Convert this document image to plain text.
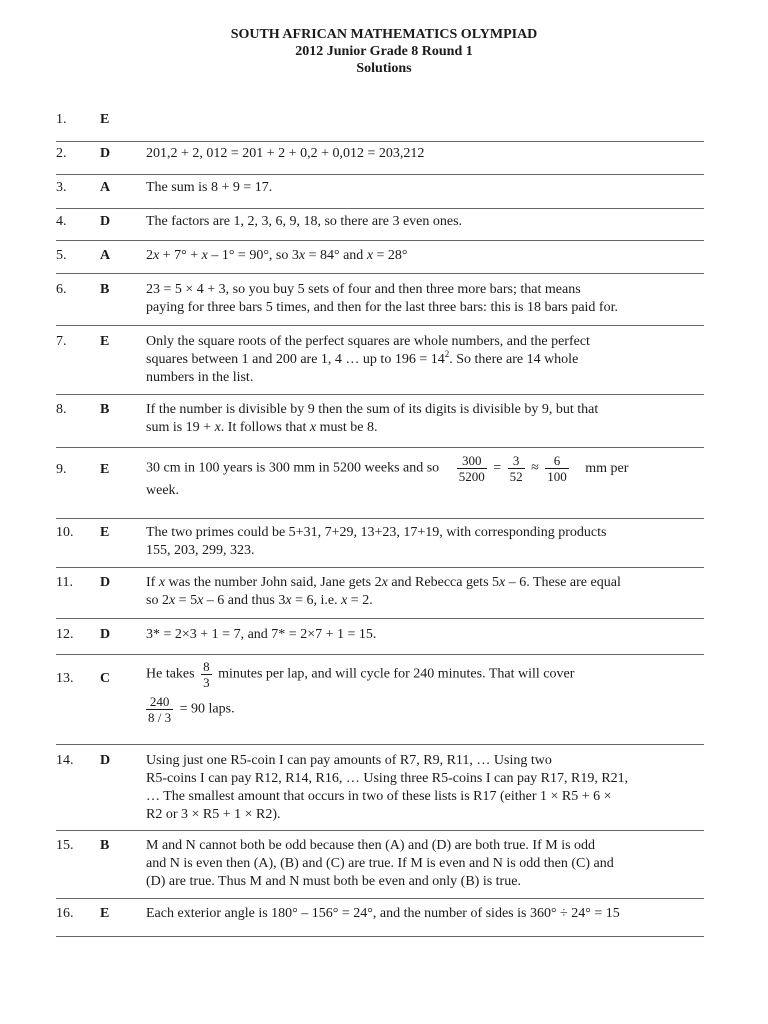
SOUTH AFRICAN MATHEMATICS OLYMPIAD
2012 Junior Grade 8 Round 1
Solutions
1. E
2. D	201,2 + 2, 012 = 201 + 2 + 0,2 + 0,012 = 203,212

3. A	The sum is 8 + 9 = 17.

4. D	The factors are 1, 2, 3, 6, 9, 18, so there are 3 even ones.

5. A	2x + 7° + x – 1° = 90°, so 3x = 84° and x = 28°

6. B	23 = 5 × 4 + 3, so you buy 5 sets of four and then three more bars; that means

paying for three bars 5 times, and then for the last three bars: this is 18 bars paid for.

7. E	Only the square roots of the perfect squares are whole numbers, and the perfect

squares between 1 and 200 are 1, 4 … up to $196 = 14^2$. So there are 14 whole

numbers in the list.

8. B	If the number is divisible by 9 then the sum of its digits is divisible by 9, but that

sum is 19 + x. It follows that x must be 8.

9. E	30 cm in 100 years is 300 mm in 5200 weeks and so $\frac{300}{5200} = \frac{3}{52} \approx \frac{6}{100}$ mm per

week.

10. E	The two primes could be 5+31, 7+29, 13+23, 17+19, with corresponding products

155, 203, 299, 323.

11. D	If x was the number John said, Jane gets 2x and Rebecca gets 5x – 6. These are equal

so 2x = 5x – 6 and thus 3x = 6, i.e. x = 2.

12. D	3* = 2×3 + 1 = 7, and 7* = 2×7 + 1 = 15.

13. C	He takes $\frac{8}{3}$ minutes per lap, and will cycle for 240 minutes. That will cover

$\frac{240}{8 / 3} = 90$ laps.

14. D	Using just one R5-coin I can pay amounts of R7, R9, R11, … Using two

R5-coins I can pay R12, R14, R16, … Using three R5-coins I can pay R17, R19, R21,

… The smallest amount that occurs in two of these lists is R17 (either 1 × R5 + 6 ×

R2 or 3 × R5 + 1 × R2).

15. B	M and N cannot both be odd because then (A) and (D) are both true. If M is odd

and N is even then (A), (B) and (C) are true. If M is even and N is odd then (C) and

(D) are true. Thus M and N must both be even and only (B) is true.

16. E	Each exterior angle is 180° – 156° = 24°, and the number of sides is 360° ÷ 24° = 15
